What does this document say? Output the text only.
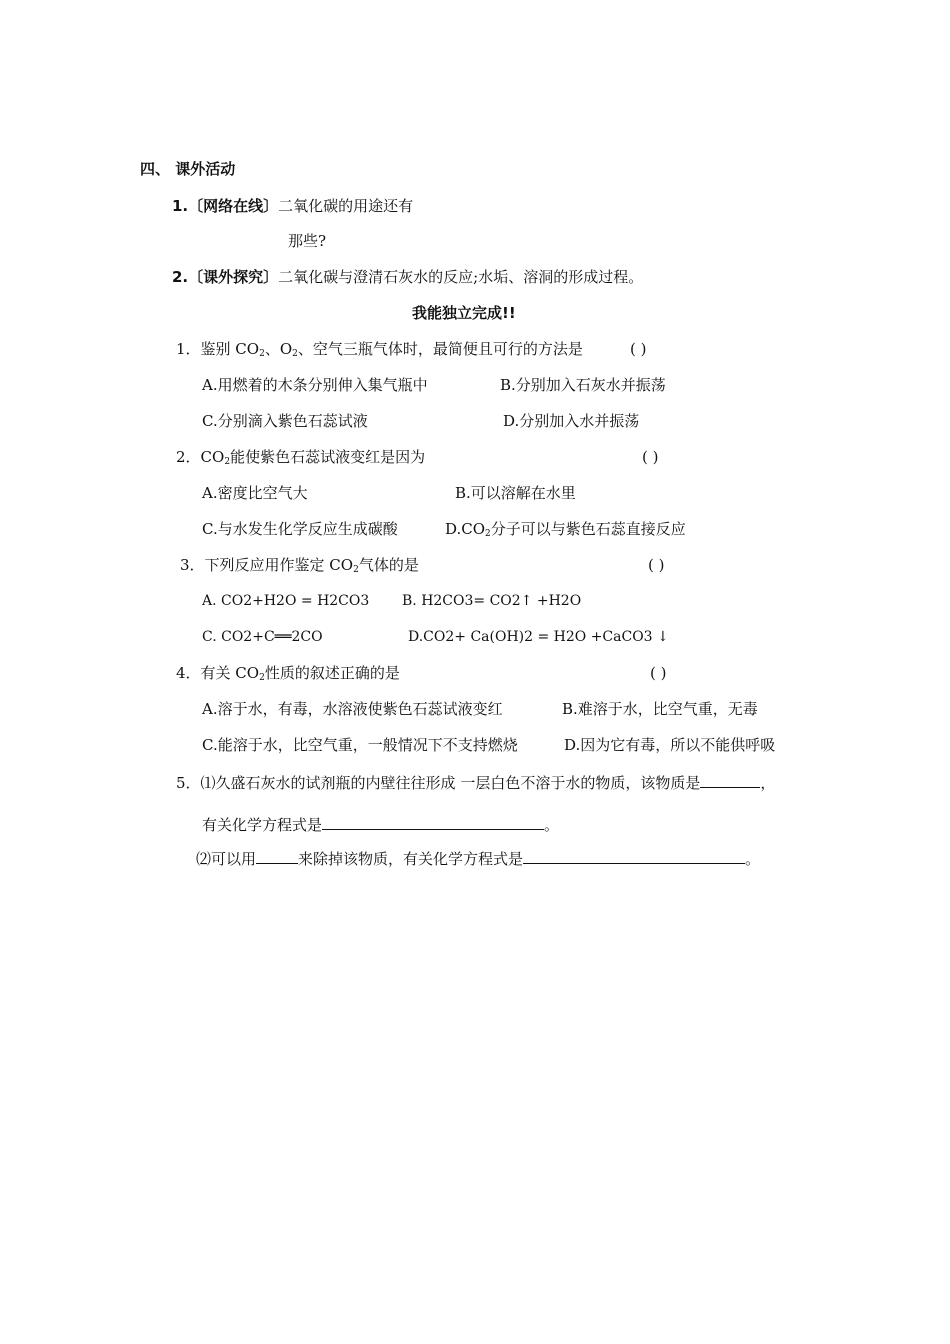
四、 课外活动
1.〔网络在线〕二氧化碳的用途还有
那些?
2.〔课外探究〕二氧化碳与澄清石灰水的反应;水垢、溶洞的形成过程。
我能独立完成!!
1．鉴别 $CO_2$、$O_2$、空气三瓶气体时，最简便且可行的方法是	( )
A.用燃着的木条分别伸入集气瓶中	B.分别加入石灰水并振荡
C.分别滴入紫色石蕊试液	D.分别加入水并振荡
2．$CO_2$能使紫色石蕊试液变红是因为	( )
A.密度比空气大	B.可以溶解在水里
C.与水发生化学反应生成碳酸	$D.CO_2$分子可以与紫色石蕊直接反应
3．下列反应用作鉴定 $CO_2$气体的是	( )
A. CO2+H2O = H2CO3 B. H2CO3= CO2↑ +H2O
C. CO2+C══2CO	D.CO2+ Ca(OH)2 = H2O +CaCO3 ↓
4．有关 $CO_2$性质的叙述正确的是	( )
A.溶于水，有毒，水溶液使紫色石蕊试液变红	B.难溶于水，比空气重，无毒
C.能溶于水，比空气重，一般情况下不支持燃烧	D.因为它有毒，所以不能供呼吸
5．⑴久盛石灰水的试剂瓶的内壁往往形成 一层白色不溶于水的物质，该物质是	，
有关化学方程式是	。
⑵可以用	来除掉该物质，有关化学方程式是	。
